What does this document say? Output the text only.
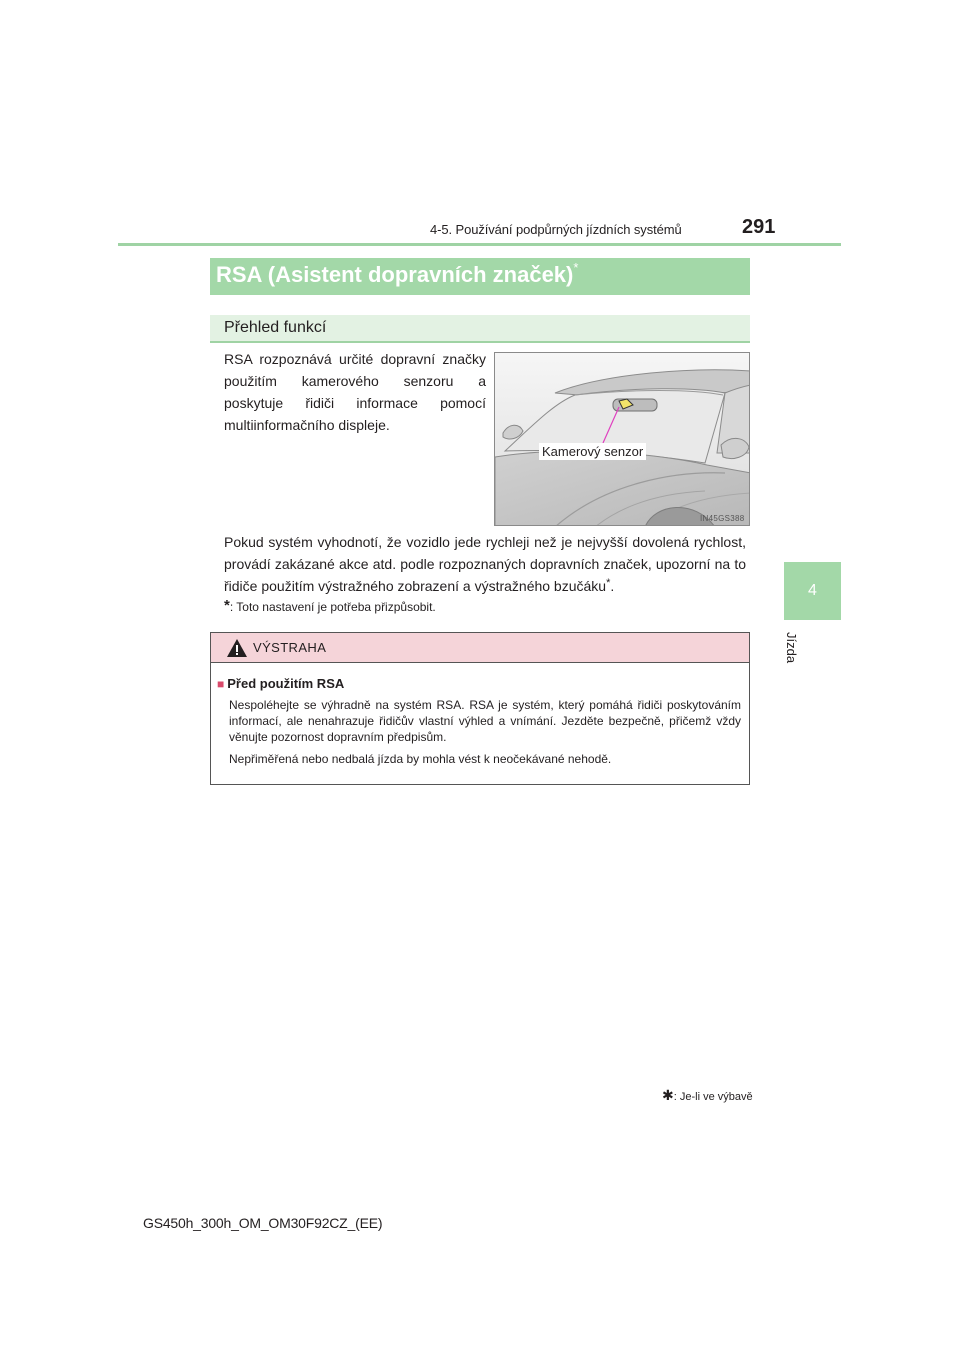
4-5. Používání podpůrných jízdních systémů	291
4
Jízda
RSA (Asistent dopravních značek)*
Přehled funkcí
RSA rozpoznává určité dopravní značky použitím kamerového senzoru a poskytuje řidiči informace pomocí multiinformačního displeje.
Kamerový senzor
IN45GS388
Pokud systém vyhodnotí, že vozidlo jede rychleji než je nejvyšší dovolená rychlost, provádí zakázané akce atd. podle rozpoznaných dopravních značek, upozorní na to řidiče použitím výstražného zobrazení a výstražného bzučáku*.
*: Toto nastavení je potřeba přizpůsobit.
VÝSTRAHA
■ Před použitím RSA
Nespoléhejte se výhradně na systém RSA. RSA je systém, který pomáhá řidiči poskytováním informací, ale nenahrazuje řidičův vlastní výhled a vnímání. Jezděte bezpečně, přičemž vždy věnujte pozornost dopravním předpisům.
Nepřiměřená nebo nedbalá jízda by mohla vést k neočekávané nehodě.
✱: Je-li ve výbavě
GS450h_300h_OM_OM30F92CZ_(EE)
